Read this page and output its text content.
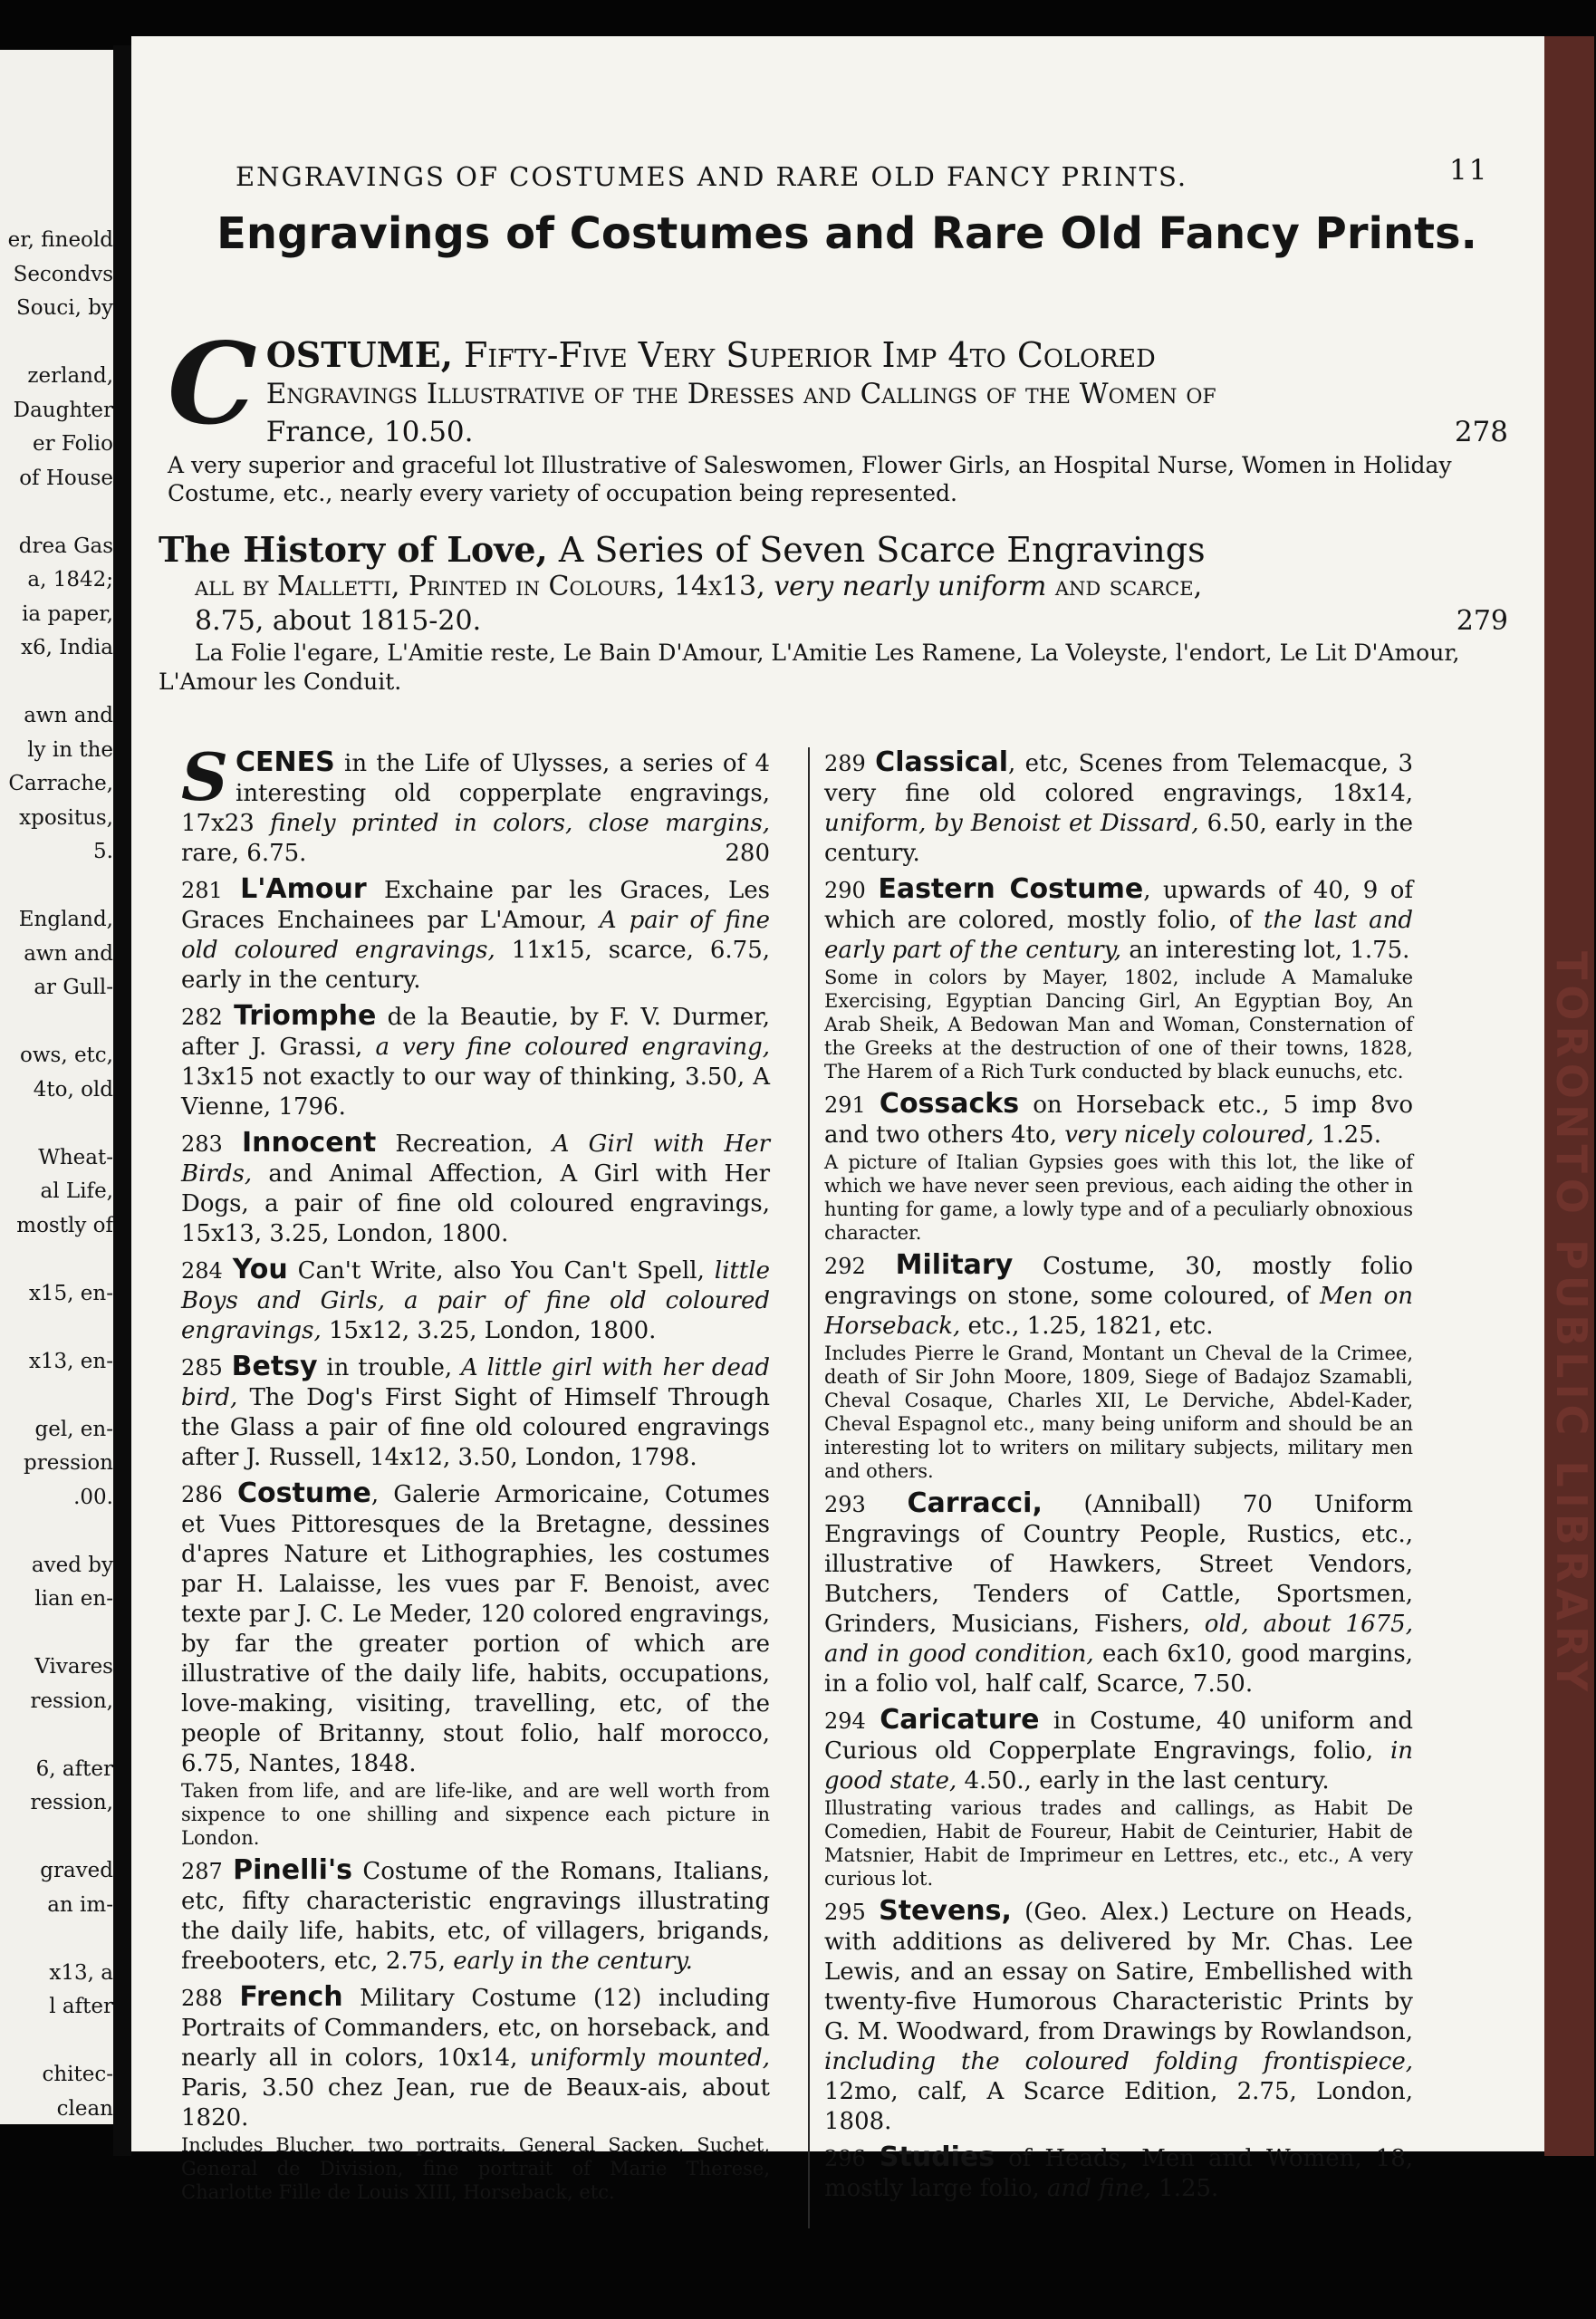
er, fineold
Secondvs
Souci, by
zerland,
Daughter
er Folio
of House
drea Gas
a, 1842;
ia paper,
x6, India
awn and
ly in the
Carrache,
xpositus,
5.
England,
awn and
ar Gull-
ows, etc,
4to, old
Wheat-
al Life,
mostly of
x15, en-
x13, en-
gel, en-
pression
.00.
aved by
lian en-
Vivares
ression,
6, after
ression,
graved
an im-
x13, a
l after
chitec-
clean
TORONTO PUBLIC LIBRARY
ENGRAVINGS OF COSTUMES AND RARE OLD FANCY PRINTS.	11
Engravings of Costumes and Rare Old Fancy Prints.
C OSTUME, Fifty-Five Very Superior Imp 4to Colored
Engravings Illustrative of the Dresses and Callings of the Women of
France, 10.50.	278
A very superior and graceful lot Illustrative of Saleswomen, Flower Girls, an Hospital Nurse, Women in Holiday Costume, etc., nearly every variety of occupation being represented.
The History of Love, A Series of Seven Scarce Engravings
all by Malletti, Printed in Colours, 14x13, very nearly uniform and scarce,
8.75, about 1815-20.	279
La Folie l'egare, L'Amitie reste, Le Bain D'Amour, L'Amitie Les Ramene, La Voleyste, l'endort, Le Lit D'Amour, L'Amour les Conduit.
SCENES in the Life of Ulysses, a series of 4 interesting old copperplate engravings, 17x23 finely printed in colors, close margins, rare, 6.75.	280
281 L'Amour Exchaine par les Graces, Les Graces Enchainees par L'Amour, A pair of fine old coloured engravings, 11x15, scarce, 6.75, early in the century.
282 Triomphe de la Beautie, by F. V. Durmer, after J. Grassi, a very fine coloured engraving, 13x15 not exactly to our way of thinking, 3.50, A Vienne, 1796.
283 Innocent Recreation, A Girl with Her Birds, and Animal Affection, A Girl with Her Dogs, a pair of fine old coloured engravings, 15x13, 3.25, London, 1800.
284 You Can't Write, also You Can't Spell, little Boys and Girls, a pair of fine old coloured engravings, 15x12, 3.25, London, 1800.
285 Betsy in trouble, A little girl with her dead bird, The Dog's First Sight of Himself Through the Glass a pair of fine old coloured engravings after J. Russell, 14x12, 3.50, London, 1798.
286 Costume, Galerie Armoricaine, Cotumes et Vues Pittoresques de la Bretagne, dessines d'apres Nature et Lithographies, les costumes par H. Lalaisse, les vues par F. Benoist, avec texte par J. C. Le Meder, 120 colored engravings, by far the greater portion of which are illustrative of the daily life, habits, occupations, love-making, visiting, travelling, etc, of the people of Britanny, stout folio, half morocco, 6.75, Nantes, 1848.
Taken from life, and are life-like, and are well worth from sixpence to one shilling and sixpence each picture in London.
287 Pinelli's Costume of the Romans, Italians, etc, fifty characteristic engravings illustrating the daily life, habits, etc, of villagers, brigands, freebooters, etc, 2.75, early in the century.
288 French Military Costume (12) including Portraits of Commanders, etc, on horseback, and nearly all in colors, 10x14, uniformly mounted, Paris, 3.50 chez Jean, rue de Beaux-ais, about 1820.
Includes Blucher, two portraits, General Sacken, Suchet, General de Division, fine portrait of Marie Therese, Charlotte Fille de Louis XIII, Horseback, etc.
289 Classical, etc, Scenes from Telemacque, 3 very fine old colored engravings, 18x14, uniform, by Benoist et Dissard, 6.50, early in the century.
290 Eastern Costume, upwards of 40, 9 of which are colored, mostly folio, of the last and early part of the century, an interesting lot, 1.75.
Some in colors by Mayer, 1802, include A Mamaluke Exercising, Egyptian Dancing Girl, An Egyptian Boy, An Arab Sheik, A Bedowan Man and Woman, Consternation of the Greeks at the destruction of one of their towns, 1828, The Harem of a Rich Turk conducted by black eunuchs, etc.
291 Cossacks on Horseback etc., 5 imp 8vo and two others 4to, very nicely coloured, 1.25.
A picture of Italian Gypsies goes with this lot, the like of which we have never seen previous, each aiding the other in hunting for game, a lowly type and of a peculiarly obnoxious character.
292 Military Costume, 30, mostly folio engravings on stone, some coloured, of Men on Horseback, etc., 1.25, 1821, etc.
Includes Pierre le Grand, Montant un Cheval de la Crimee, death of Sir John Moore, 1809, Siege of Badajoz Szamabli, Cheval Cosaque, Charles XII, Le Derviche, Abdel-Kader, Cheval Espagnol etc., many being uniform and should be an interesting lot to writers on military subjects, military men and others.
293 Carracci, (Anniball) 70 Uniform Engravings of Country People, Rustics, etc., illustrative of Hawkers, Street Vendors, Butchers, Tenders of Cattle, Sportsmen, Grinders, Musicians, Fishers, old, about 1675, and in good condition, each 6x10, good margins, in a folio vol, half calf, Scarce, 7.50.
294 Caricature in Costume, 40 uniform and Curious old Copperplate Engravings, folio, in good state, 4.50., early in the last century.
Illustrating various trades and callings, as Habit De Comedien, Habit de Foureur, Habit de Ceinturier, Habit de Matsnier, Habit de Imprimeur en Lettres, etc., etc., A very curious lot.
295 Stevens, (Geo. Alex.) Lecture on Heads, with additions as delivered by Mr. Chas. Lee Lewis, and an essay on Satire, Embellished with twenty-five Humorous Characteristic Prints by G. M. Woodward, from Drawings by Rowlandson, including the coloured folding frontispiece, 12mo, calf, A Scarce Edition, 2.75, London, 1808.
296 Studies of Heads, Men and Women, 18, mostly large folio, and fine, 1.25.
